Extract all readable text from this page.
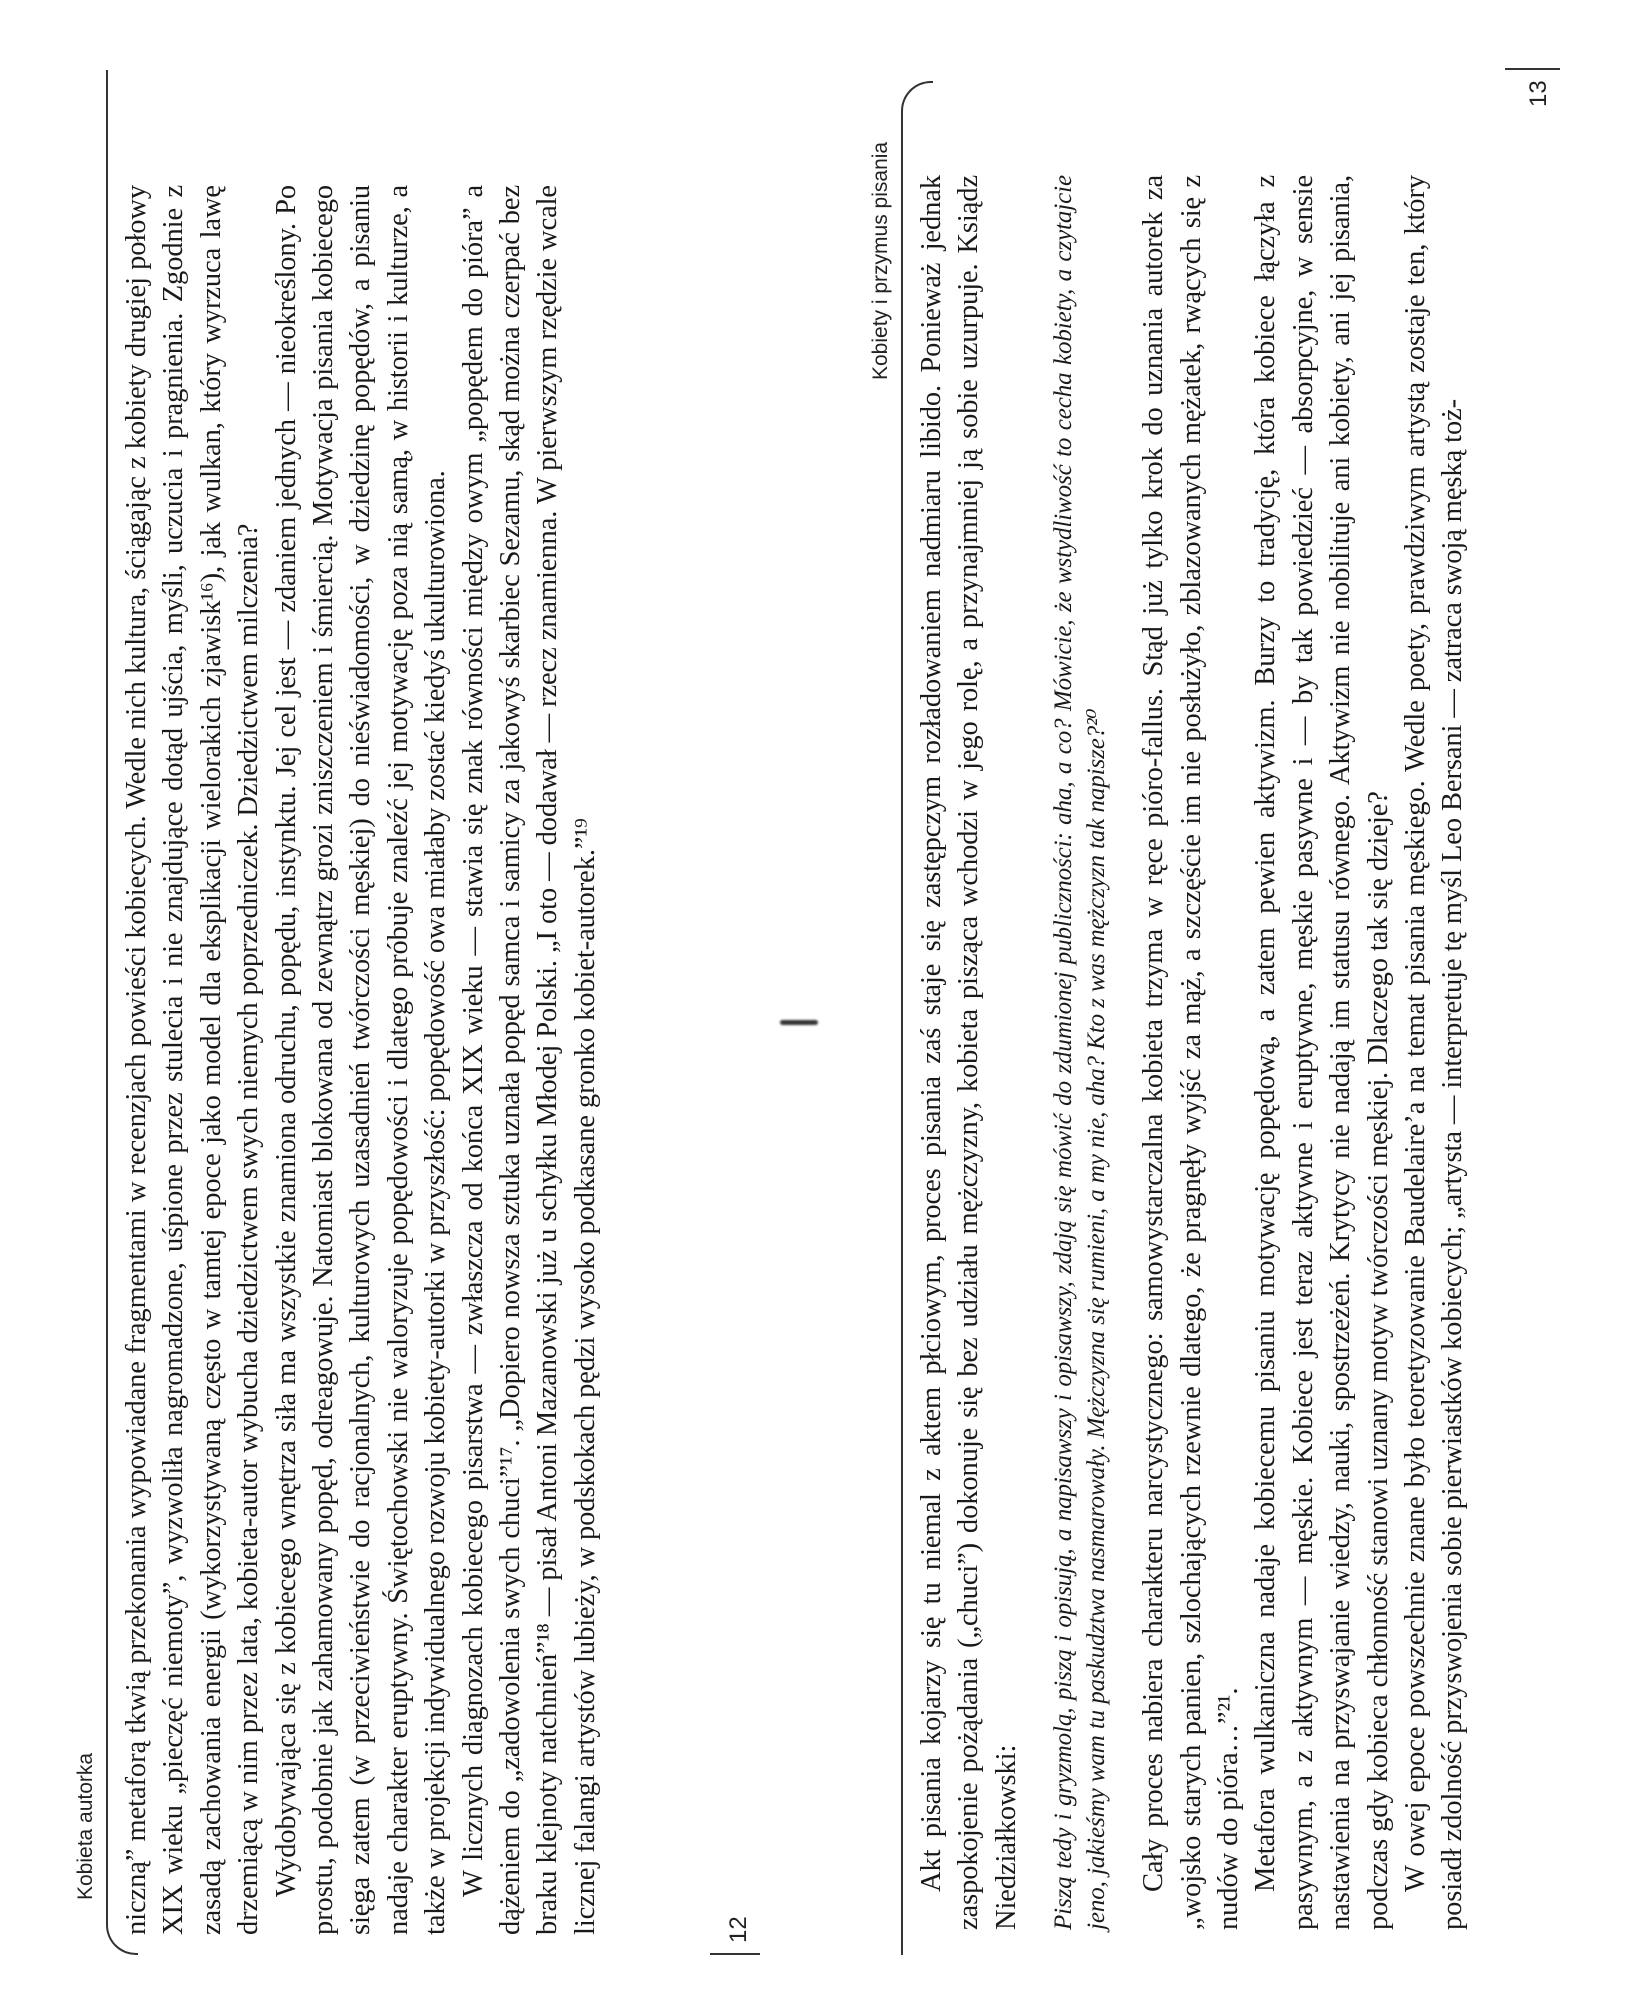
Kobieta autorka niczną” metaforą tkwią przekonania wypowiadane fragmentami w recenzjach powieści kobiecych. Wedle nich kultura, ściągając z kobiety drugiej połowy XIX wieku „pieczęć niemoty”, wyzwoliła nagromadzone, uśpione przez stulecia i nie znajdujące dotąd ujścia, myśli, uczucia i pragnienia. Zgodnie z zasadą zachowania energii (wykorzystywaną często w tamtej epoce jako model dla eksplikacji wielorakich zjawisk¹⁶), jak wulkan, który wyrzuca lawę drzemiącą w nim przez lata, kobieta-autor wybucha dziedzictwem swych niemych poprzedniczek. Dziedzictwem milczenia? Wydobywająca się z kobiecego wnętrza siła ma wszystkie znamiona odruchu, popędu, instynktu. Jej cel jest — zdaniem jednych — nieokreślony. Po prostu, podobnie jak zahamowany popęd, odreagowuje. Natomiast blokowana od zewnątrz grozi zniszczeniem i śmiercią. Motywacja pisania kobiecego sięga zatem (w przeciwieństwie do racjonalnych, kulturowych uzasadnień twórczości męskiej) do nieświadomości, w dziedzinę popędów, a pisaniu nadaje charakter eruptywny. Świętochowski nie waloryzuje popędowości i dlatego próbuje znaleźć jej motywację poza nią samą, w historii i kulturze, a także w projekcji indywidualnego rozwoju kobiety-autorki w przyszłość: popędowość owa miałaby zostać kiedyś ukulturowiona. W licznych diagnozach kobiecego pisarstwa — zwłaszcza od końca XIX wieku — stawia się znak równości między owym „popędem do pióra” a dążeniem do „zadowolenia swych chuci”¹⁷. „Dopiero nowsza sztuka uznała popęd samca i samicy za jakowyś skarbiec Sezamu, skąd można czerpać bez braku klejnoty natchnień”¹⁸ — pisał Antoni Mazanowski już u schyłku Młodej Polski. „I oto — dodawał — rzecz znamienna. W pierwszym rzędzie wcale licznej falangi artystów lubieży, w podskokach pędzi wysoko podkasane gronko kobiet-autorek.”¹⁹	12
Kobiety i przymus pisania Akt pisania kojarzy się tu niemal z aktem płciowym, proces pisania zaś staje się zastępczym rozładowaniem nadmiaru libido. Ponieważ jednak zaspokojenie pożądania („chuci”) dokonuje się bez udziału mężczyzny, kobieta pisząca wchodzi w jego rolę, a przynajmniej ją sobie uzurpuje. Ksiądz Niedziałkowski: Piszą tedy i gryzmolą, piszą i opisują, a napisawszy i opisawszy, zdają się mówić do zdumionej publiczności: aha, a co? Mówicie, że wstydliwość to cecha kobiety, a czytajcie jeno, jakieśmy wam tu paskudztwa nasmarowały. Mężczyzna się rumieni, a my nie, aha? Kto z was mężczyzn tak napisze?²⁰ Cały proces nabiera charakteru narcystycznego: samowystarczalna kobieta trzyma w ręce pióro-fallus. Stąd już tylko krok do uznania autorek za „wojsko starych panien, szlochających rzewnie dlatego, że pragnęły wyjść za mąż, a szczęście im nie posłużyło, zblazowanych mężatek, rwących się z nudów do pióra…”²¹. Metafora wulkaniczna nadaje kobiecemu pisaniu motywację popędową, a zatem pewien aktywizm. Burzy to tradycję, która kobiece łączyła z pasywnym, a z aktywnym — męskie. Kobiece jest teraz aktywne i eruptywne, męskie pasywne i — by tak powiedzieć — absorpcyjne, w sensie nastawienia na przyswajanie wiedzy, nauki, spostrzeżeń. Krytycy nie nadają im statusu równego. Aktywizm nie nobilituje ani kobiety, ani jej pisania, podczas gdy kobieca chłonność stanowi uznany motyw twórczości męskiej. Dlaczego tak się dzieje? W owej epoce powszechnie znane było teoretyzowanie Baudelaire’a na temat pisania męskiego. Wedle poety, prawdziwym artystą zostaje ten, który posiadł zdolność przyswojenia sobie pierwiastków kobiecych; „artysta — interpretuje tę myśl Leo Bersani — zatraca swoją męską toż-

13
